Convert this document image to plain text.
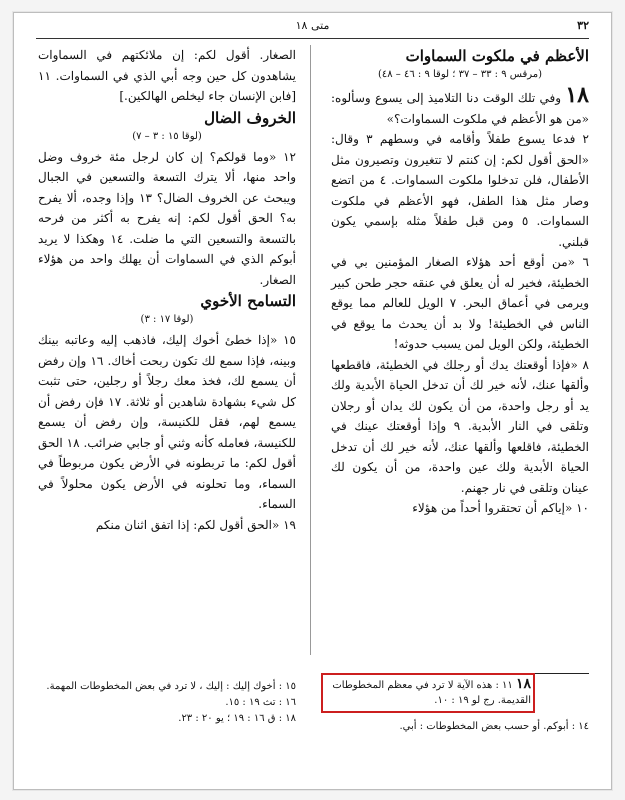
٣٢
متى ١٨

الأعظم في ملكوت السماوات

(مرقس ٩ : ٣٣ – ٣٧ ؛ لوقا ٩ : ٤٦ – ٤٨)

١٨ وفي تلك الوقت دنا التلاميذ إلى يسوع وسألوه: «من هو الأعظم في ملكوت السماوات؟»

٢ فدعا يسوع طفلاً وأقامه في وسطهم ٣ وقال: «الحق أقول لكم: إن كنتم لا تتغيرون وتصيرون مثل الأطفال، فلن تدخلوا ملكوت السماوات. ٤ من اتضع وصار مثل هذا الطفل، فهو الأعظم في ملكوت السماوات. ٥ ومن قبل طفلاً مثله بإسمي يكون قبلني.

٦ «من أوقع أحد هؤلاء الصغار المؤمنين بي في الخطيئة، فخير له أن يعلق في عنقه حجر طحن كبير ويرمى في أعماق البحر. ٧ الويل للعالم مما يوقع الناس في الخطيئة! ولا بد أن يحدث ما يوقع في الخطيئة، ولكن الويل لمن يسبب حدوثه!

٨ «فإذا أوقعتك يدك أو رجلك في الخطيئة، فاقطعها وألقها عنك، لأنه خير لك أن تدخل الحياة الأبدية ولك يد أو رجل واحدة، من أن يكون لك يدان أو رجلان وتلقى في النار الأبدية. ٩ وإذا أوقعتك عينك في الخطيئة، فاقلعها وألقها عنك، لأنه خير لك أن تدخل الحياة الأبدية ولك عين واحدة، من أن يكون لك عينان وتلقى في نار جهنم.

١٠ «إياكم أن تحتقروا أحداً من هؤلاء

الصغار. أقول لكم: إن ملائكتهم في السماوات يشاهدون كل حين وجه أبي الذي في السماوات. ١١ [فابن الإنسان جاء ليخلص الهالكين.]

الخروف الضال

(لوقا ١٥ : ٣ – ٧)

١٢ «وما قولكم؟ إن كان لرجل مئة خروف وضل واحد منها، ألا يترك التسعة والتسعين في الجبال ويبحث عن الخروف الضال؟ ١٣ وإذا وجده، ألا يفرح به؟ الحق أقول لكم: إنه يفرح به أكثر من فرحه بالتسعة والتسعين التي ما ضلت. ١٤ وهكذا لا يريد أبوكم الذي في السماوات أن يهلك واحد من هؤلاء الصغار.

التسامح الأخوي

(لوقا ١٧ : ٣)

١٥ «إذا خطئ أخوك إليك، فاذهب إليه وعاتبه بينك وبينه، فإذا سمع لك تكون ربحت أخاك. ١٦ وإن رفض أن يسمع لك، فخذ معك رجلاً أو رجلين، حتى تثبت كل شيء بشهادة شاهدين أو ثلاثة. ١٧ فإن رفض أن يسمع لهم، فقل للكنيسة، وإن رفض أن يسمع للكنيسة، فعامله كأنه وثني أو جابي ضرائب. ١٨ الحق أقول لكم: ما تربطونه في الأرض يكون مربوطاً في السماء، وما تحلونه في الأرض يكون محلولاً في السماء.

١٩ «الحق أقول لكم: إذا اتفق اثنان منكم

١٨ ١١ : هذه الآية لا ترد في معظم المخطوطات القديمة. رج لو ١٩ : ١٠.
١٤ : أبوكم. أو حسب بعض المخطوطات : أبي.
١٥ : أخوك إليك : إليك ، لا ترد في بعض المخطوطات المهمة.
١٦ : تث ١٩ : ١٥.
١٨ : ق ١٦ : ١٩ ؛ يو ٢٠ : ٢٣.
